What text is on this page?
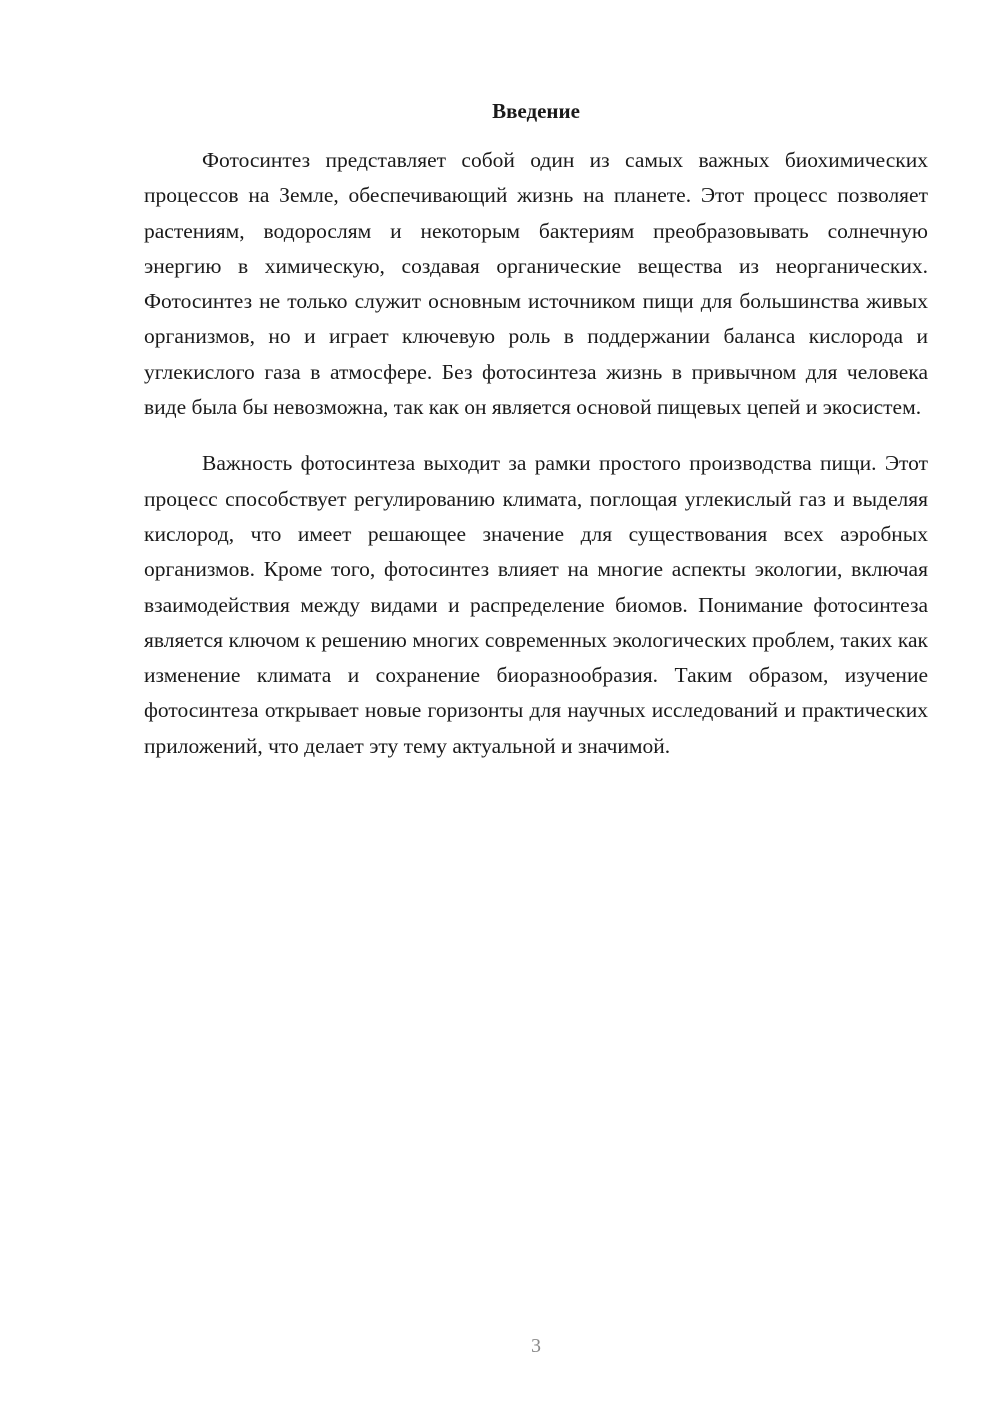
Введение

Фотосинтез представляет собой один из самых важных биохимических процессов на Земле, обеспечивающий жизнь на планете. Этот процесс позволяет растениям, водорослям и некоторым бактериям преобразовывать солнечную энергию в химическую, создавая органические вещества из неорганических. Фотосинтез не только служит основным источником пищи для большинства живых организмов, но и играет ключевую роль в поддержании баланса кислорода и углекислого газа в атмосфере. Без фотосинтеза жизнь в привычном для человека виде была бы невозможна, так как он является основой пищевых цепей и экосистем.

Важность фотосинтеза выходит за рамки простого производства пищи. Этот процесс способствует регулированию климата, поглощая углекислый газ и выделяя кислород, что имеет решающее значение для существования всех аэробных организмов. Кроме того, фотосинтез влияет на многие аспекты экологии, включая взаимодействия между видами и распределение биомов. Понимание фотосинтеза является ключом к решению многих современных экологических проблем, таких как изменение климата и сохранение биоразнообразия. Таким образом, изучение фотосинтеза открывает новые горизонты для научных исследований и практических приложений, что делает эту тему актуальной и значимой.

3
